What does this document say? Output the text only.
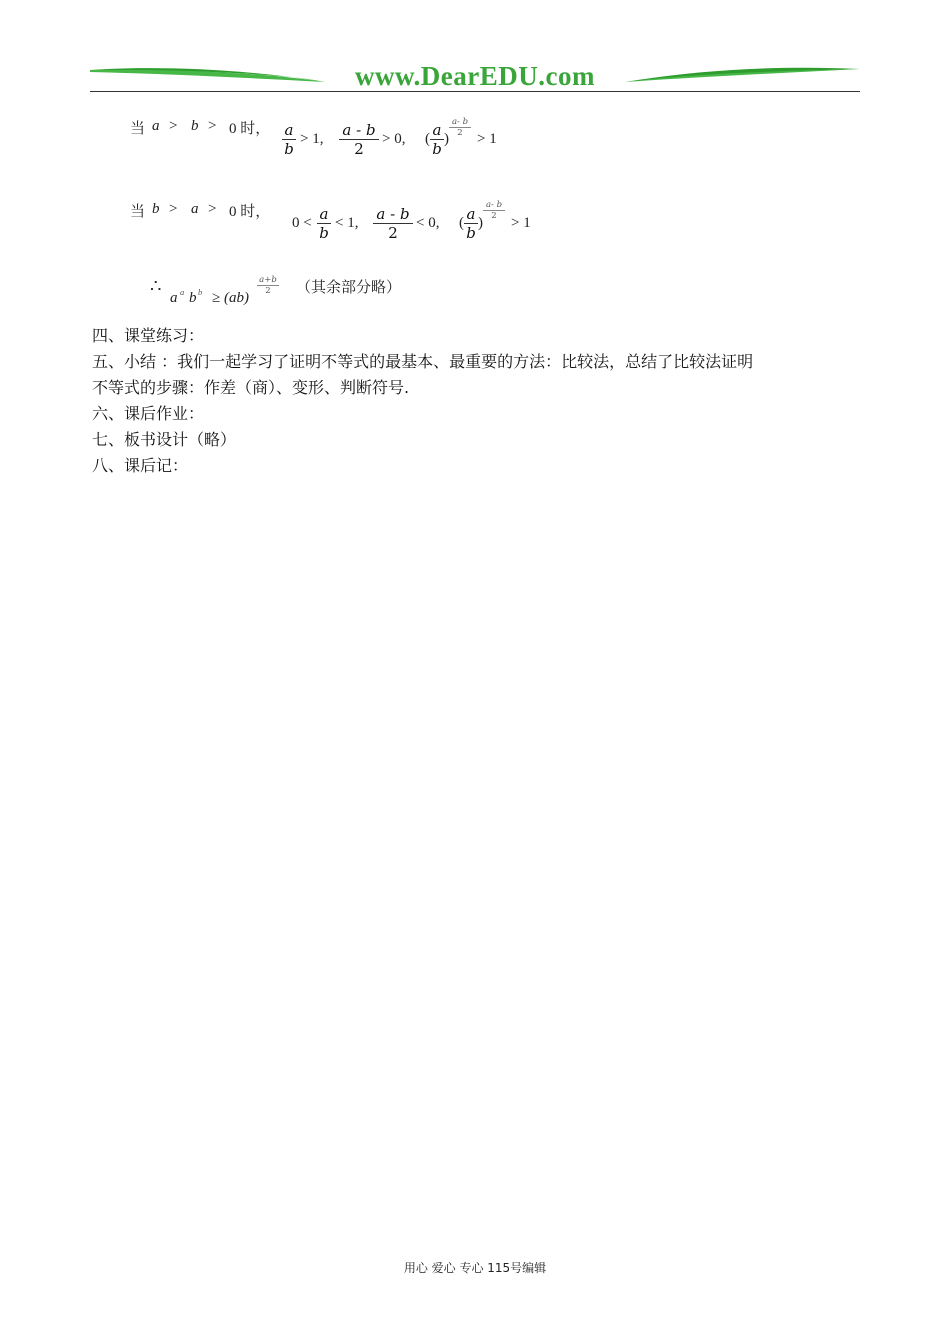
www.DearEDU.com
当 a > b > 0 时， a
b
> 1, a - b
2
> 0, ( a
b
)
a- b
2 > 1
当 b > a > 0 时，
0 < a
b
< 1, a - b
2
< 0, ( a
b
)
a- b
2 > 1
∴
a a b b ≥ (ab)
a+b
2	（其余部分略）
四、课堂练习：
五、小结 ：我们一起学习了证明不等式的最基本、最重要的方法：比较法，总结了比较法证明
不等式的步骤：作差（商）、变形、判断符号.
六、课后作业：
七、板书设计（略）
八、课后记：
用心 爱心 专心 115号编辑
